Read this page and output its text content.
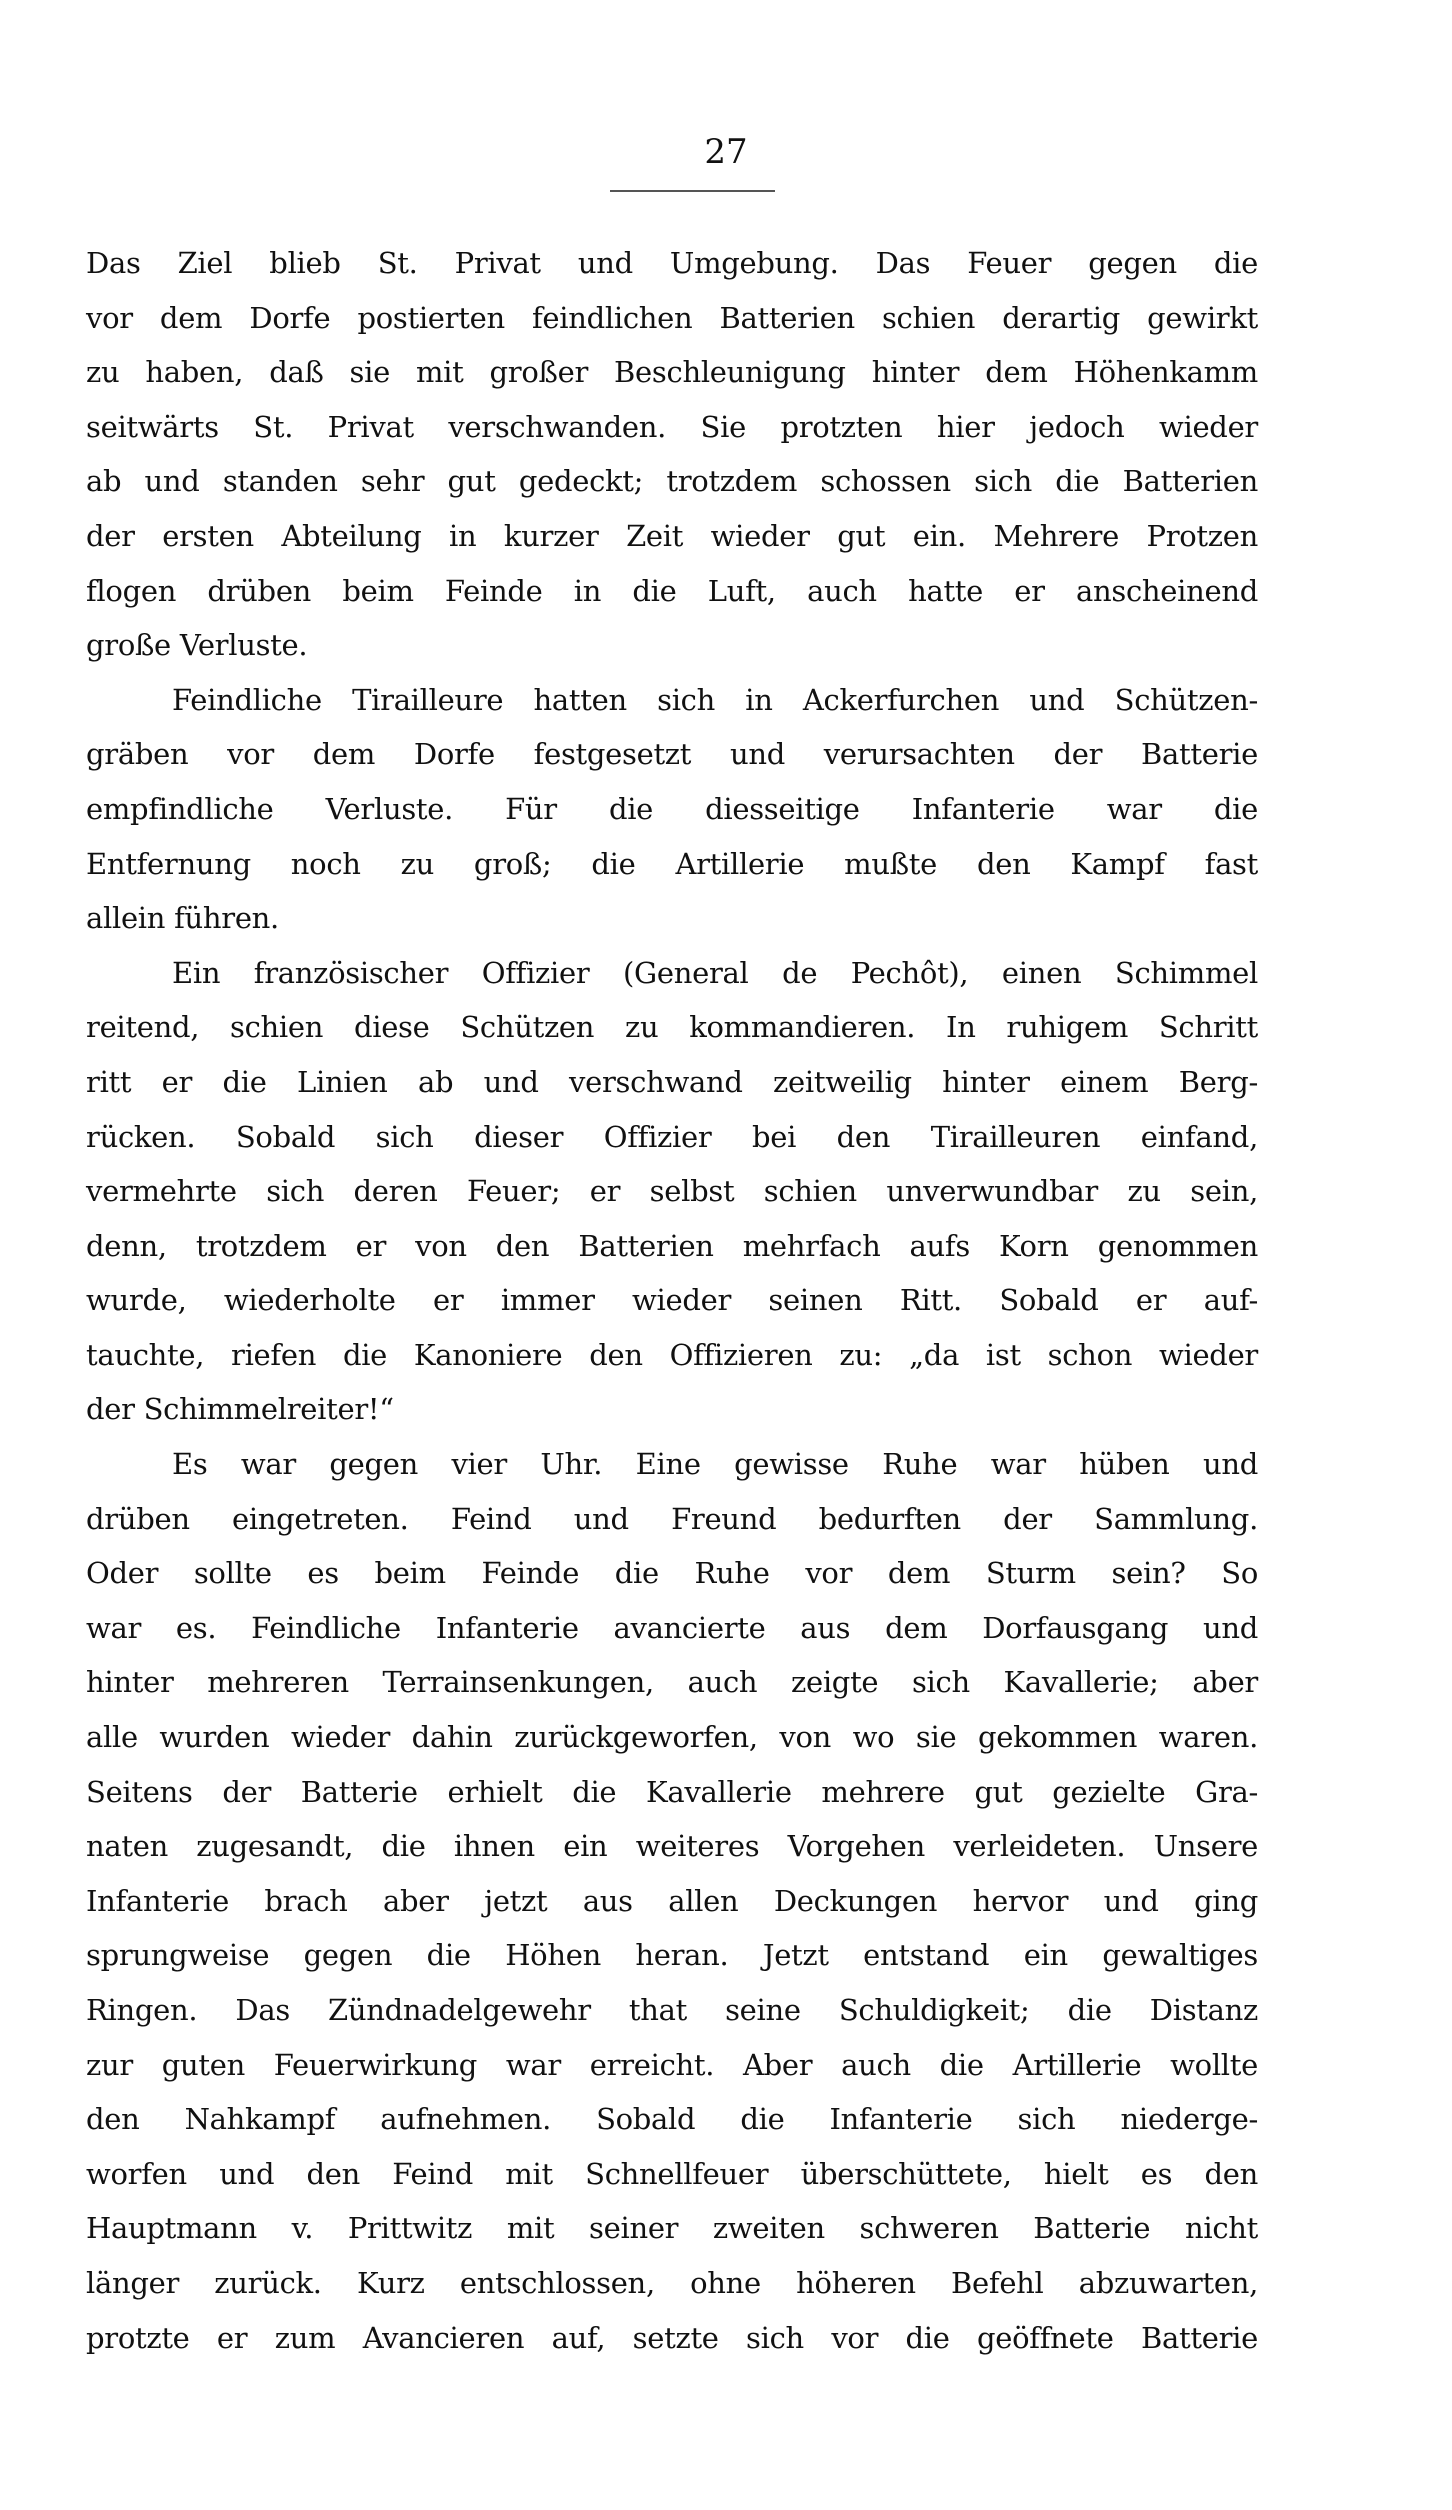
27
Das Ziel blieb St. Privat und Umgebung. Das Feuer gegen die
vor dem Dorfe postierten feindlichen Batterien schien derartig gewirkt
zu haben, daß sie mit großer Beschleunigung hinter dem Höhenkamm
seitwärts St. Privat verschwanden. Sie protzten hier jedoch wieder
ab und standen sehr gut gedeckt; trotzdem schossen sich die Batterien
der ersten Abteilung in kurzer Zeit wieder gut ein. Mehrere Protzen
flogen drüben beim Feinde in die Luft, auch hatte er anscheinend
große Verluste.
Feindliche Tirailleure hatten sich in Ackerfurchen und Schützen-
gräben vor dem Dorfe festgesetzt und verursachten der Batterie
empfindliche Verluste. Für die diesseitige Infanterie war die
Entfernung noch zu groß; die Artillerie mußte den Kampf fast
allein führen.
Ein französischer Offizier (General de Pechôt), einen Schimmel
reitend, schien diese Schützen zu kommandieren. In ruhigem Schritt
ritt er die Linien ab und verschwand zeitweilig hinter einem Berg-
rücken. Sobald sich dieser Offizier bei den Tirailleuren einfand,
vermehrte sich deren Feuer; er selbst schien unverwundbar zu sein,
denn, trotzdem er von den Batterien mehrfach aufs Korn genommen
wurde, wiederholte er immer wieder seinen Ritt. Sobald er auf-
tauchte, riefen die Kanoniere den Offizieren zu: „da ist schon wieder
der Schimmelreiter!“
Es war gegen vier Uhr. Eine gewisse Ruhe war hüben und
drüben eingetreten. Feind und Freund bedurften der Sammlung.
Oder sollte es beim Feinde die Ruhe vor dem Sturm sein? So
war es. Feindliche Infanterie avancierte aus dem Dorfausgang und
hinter mehreren Terrainsenkungen, auch zeigte sich Kavallerie; aber
alle wurden wieder dahin zurückgeworfen, von wo sie gekommen waren.
Seitens der Batterie erhielt die Kavallerie mehrere gut gezielte Gra-
naten zugesandt, die ihnen ein weiteres Vorgehen verleideten. Unsere
Infanterie brach aber jetzt aus allen Deckungen hervor und ging
sprungweise gegen die Höhen heran. Jetzt entstand ein gewaltiges
Ringen. Das Zündnadelgewehr that seine Schuldigkeit; die Distanz
zur guten Feuerwirkung war erreicht. Aber auch die Artillerie wollte
den Nahkampf aufnehmen. Sobald die Infanterie sich niederge-
worfen und den Feind mit Schnellfeuer überschüttete, hielt es den
Hauptmann v. Prittwitz mit seiner zweiten schweren Batterie nicht
länger zurück. Kurz entschlossen, ohne höheren Befehl abzuwarten,
protzte er zum Avancieren auf, setzte sich vor die geöffnete Batterie
